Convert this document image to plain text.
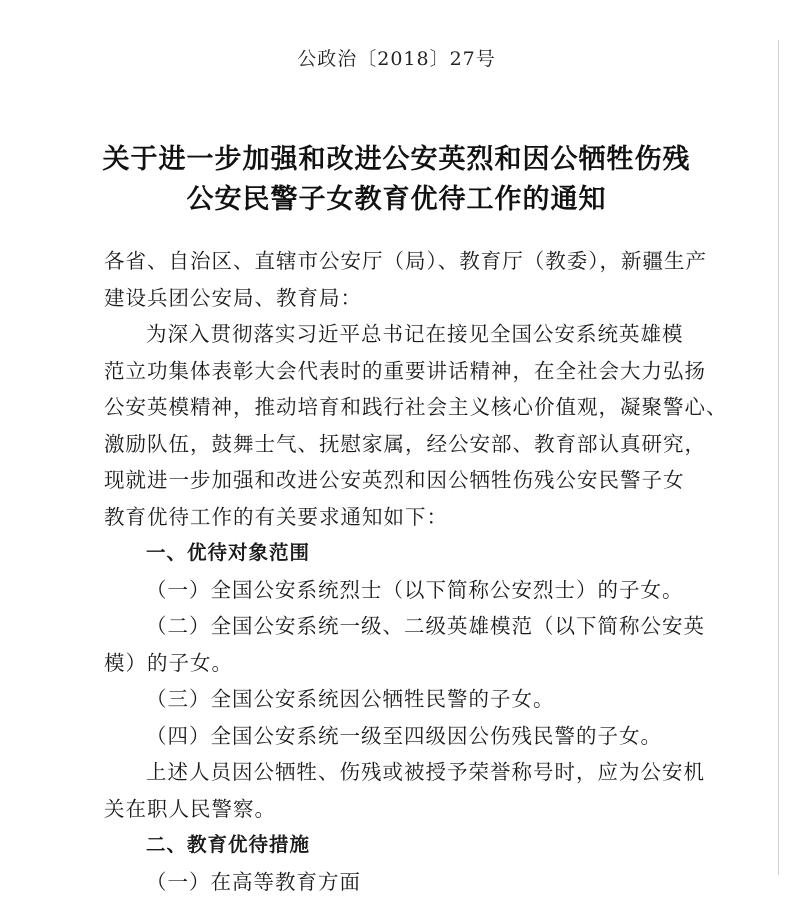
公政治〔2018〕27号
关于进一步加强和改进公安英烈和因公牺牲伤残
公安民警子女教育优待工作的通知
各省、自治区、直辖市公安厅（局）、教育厅（教委），新疆生产
建设兵团公安局、教育局：
为深入贯彻落实习近平总书记在接见全国公安系统英雄模
范立功集体表彰大会代表时的重要讲话精神，在全社会大力弘扬
公安英模精神，推动培育和践行社会主义核心价值观，凝聚警心、
激励队伍，鼓舞士气、抚慰家属，经公安部、教育部认真研究，
现就进一步加强和改进公安英烈和因公牺牲伤残公安民警子女
教育优待工作的有关要求通知如下：
一、优待对象范围
（一）全国公安系统烈士（以下简称公安烈士）的子女。
（二）全国公安系统一级、二级英雄模范（以下简称公安英
模）的子女。
（三）全国公安系统因公牺牲民警的子女。
（四）全国公安系统一级至四级因公伤残民警的子女。
上述人员因公牺牲、伤残或被授予荣誉称号时，应为公安机
关在职人民警察。
二、教育优待措施
（一）在高等教育方面
